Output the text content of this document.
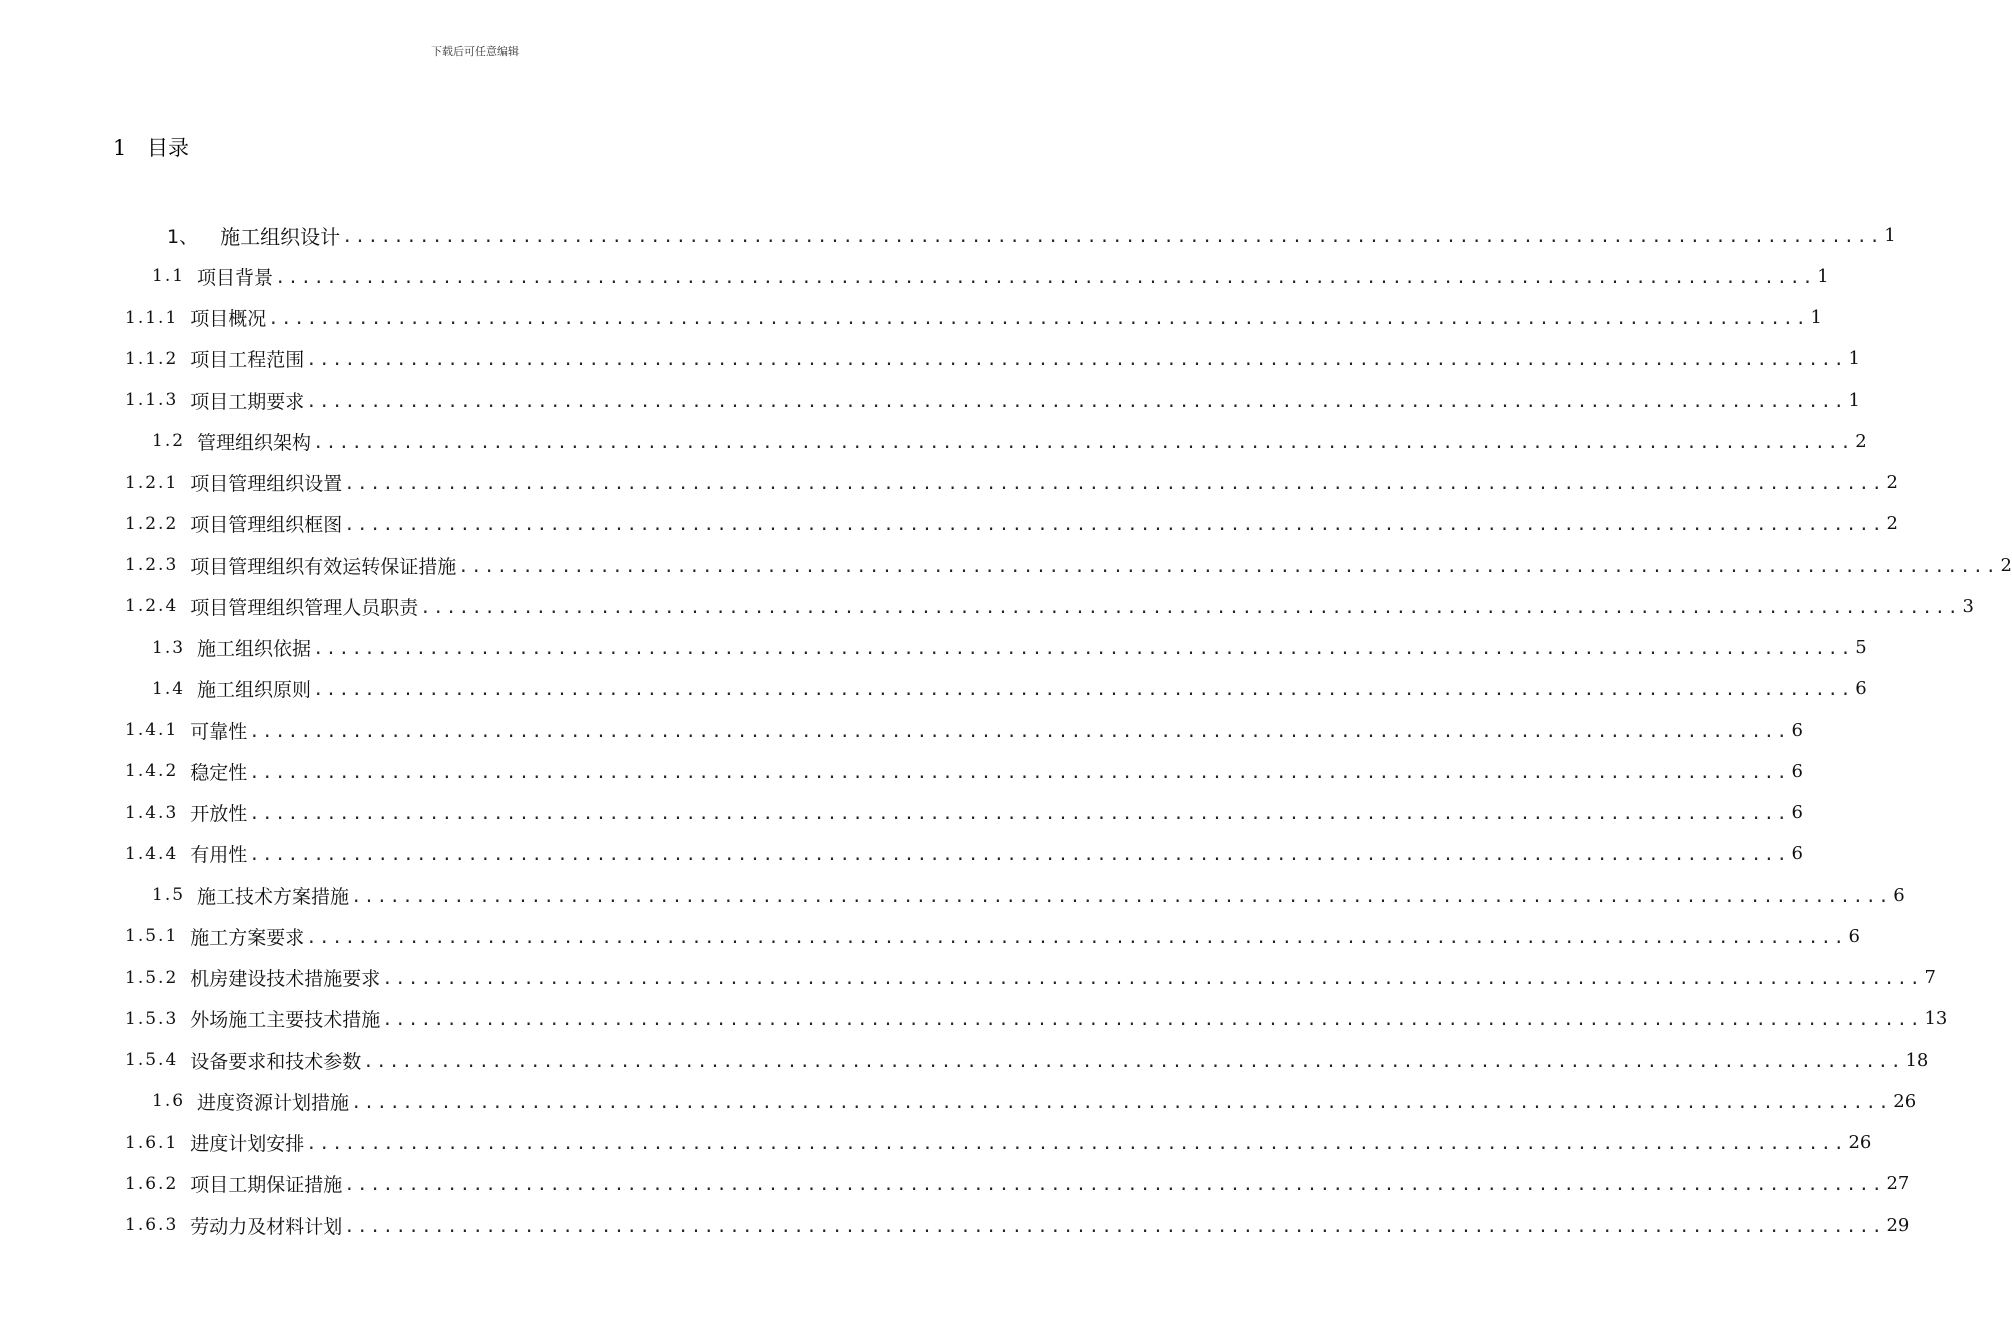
下载后可任意编辑
1 目录
1、 施工组织设计 ........................................................................................................................ 1
1.1 项目背景 ........................................................................................................................ 1
1.1.1 项目概况 ........................................................................................................................ 1
1.1.2 项目工程范围 ........................................................................................................................ 1
1.1.3 项目工期要求 ........................................................................................................................ 1
1.2 管理组织架构 ........................................................................................................................ 2
1.2.1 项目管理组织设置 ........................................................................................................................ 2
1.2.2 项目管理组织框图 ........................................................................................................................ 2
1.2.3 项目管理组织有效运转保证措施 ........................................................................................................................ 2
1.2.4 项目管理组织管理人员职责 ........................................................................................................................ 3
1.3 施工组织依据 ........................................................................................................................ 5
1.4 施工组织原则 ........................................................................................................................ 6
1.4.1 可靠性 ........................................................................................................................ 6
1.4.2 稳定性 ........................................................................................................................ 6
1.4.3 开放性 ........................................................................................................................ 6
1.4.4 有用性 ........................................................................................................................ 6
1.5 施工技术方案措施 ........................................................................................................................ 6
1.5.1 施工方案要求 ........................................................................................................................ 6
1.5.2 机房建设技术措施要求 ........................................................................................................................ 7
1.5.3 外场施工主要技术措施 ........................................................................................................................ 13
1.5.4 设备要求和技术参数 ........................................................................................................................ 18
1.6 进度资源计划措施 ........................................................................................................................ 26
1.6.1 进度计划安排 ........................................................................................................................ 26
1.6.2 项目工期保证措施 ........................................................................................................................ 27
1.6.3 劳动力及材料计划 ........................................................................................................................ 29
